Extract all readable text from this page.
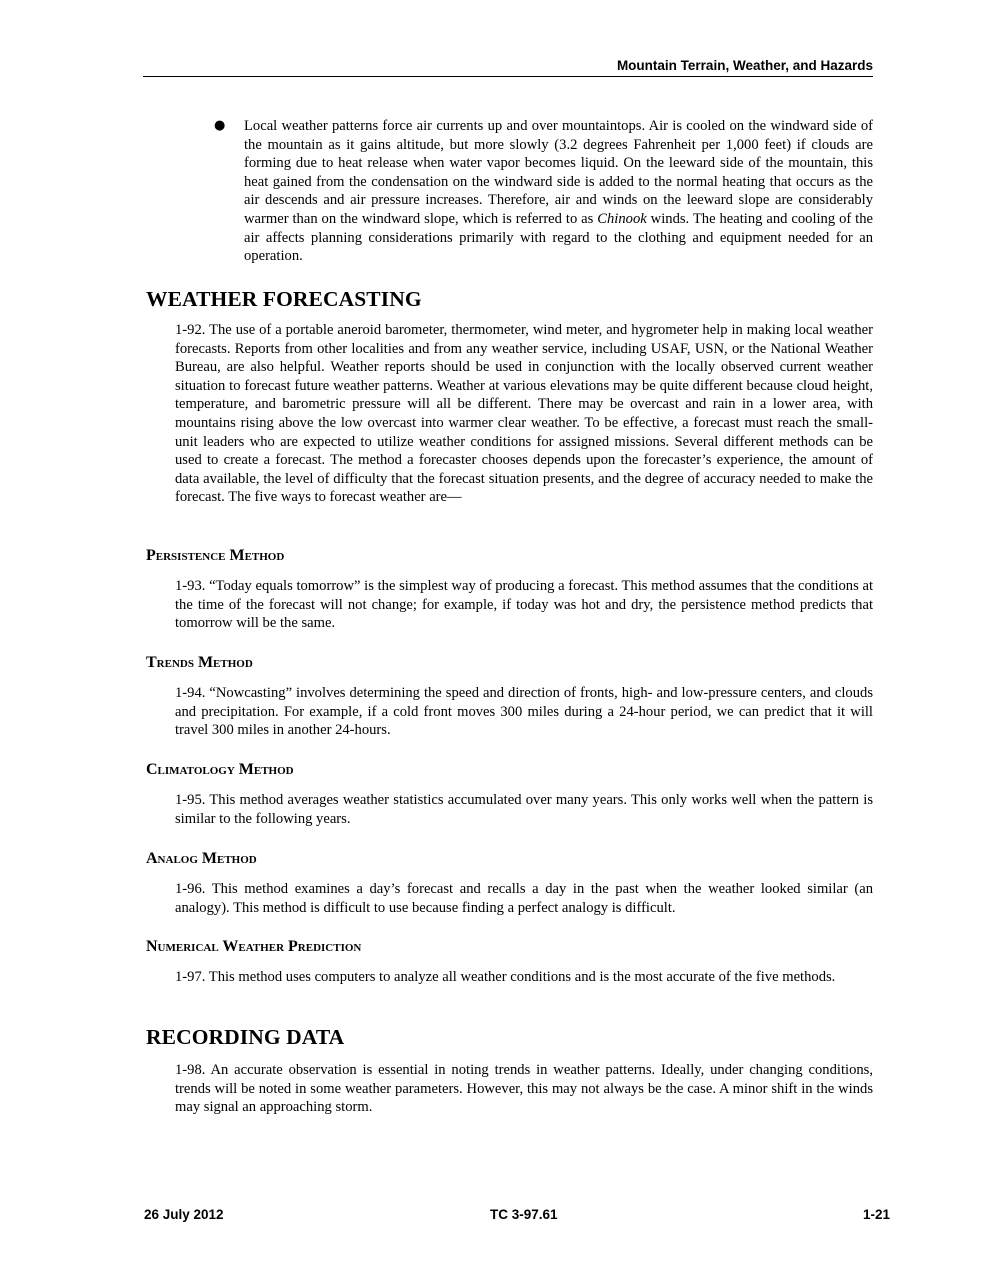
Mountain Terrain, Weather, and Hazards
● Local weather patterns force air currents up and over mountaintops. Air is cooled on the windward side of the mountain as it gains altitude, but more slowly (3.2 degrees Fahrenheit per 1,000 feet) if clouds are forming due to heat release when water vapor becomes liquid. On the leeward side of the mountain, this heat gained from the condensation on the windward side is added to the normal heating that occurs as the air descends and air pressure increases. Therefore, air and winds on the leeward slope are considerably warmer than on the windward slope, which is referred to as Chinook winds. The heating and cooling of the air affects planning considerations primarily with regard to the clothing and equipment needed for an operation.

WEATHER FORECASTING

1-92. The use of a portable aneroid barometer, thermometer, wind meter, and hygrometer help in making local weather forecasts. Reports from other localities and from any weather service, including USAF, USN, or the National Weather Bureau, are also helpful. Weather reports should be used in conjunction with the locally observed current weather situation to forecast future weather patterns. Weather at various elevations may be quite different because cloud height, temperature, and barometric pressure will all be different. There may be overcast and rain in a lower area, with mountains rising above the low overcast into warmer clear weather. To be effective, a forecast must reach the small-unit leaders who are expected to utilize weather conditions for assigned missions. Several different methods can be used to create a forecast. The method a forecaster chooses depends upon the forecaster’s experience, the amount of data available, the level of difficulty that the forecast situation presents, and the degree of accuracy needed to make the forecast. The five ways to forecast weather are—

Persistence Method

1-93. “Today equals tomorrow” is the simplest way of producing a forecast. This method assumes that the conditions at the time of the forecast will not change; for example, if today was hot and dry, the persistence method predicts that tomorrow will be the same.

Trends Method

1-94. “Nowcasting” involves determining the speed and direction of fronts, high- and low-pressure centers, and clouds and precipitation. For example, if a cold front moves 300 miles during a 24-hour period, we can predict that it will travel 300 miles in another 24-hours.

Climatology Method

1-95. This method averages weather statistics accumulated over many years. This only works well when the pattern is similar to the following years.

Analog Method

1-96. This method examines a day’s forecast and recalls a day in the past when the weather looked similar (an analogy). This method is difficult to use because finding a perfect analogy is difficult.

Numerical Weather Prediction

1-97. This method uses computers to analyze all weather conditions and is the most accurate of the five methods.

RECORDING DATA

1-98. An accurate observation is essential in noting trends in weather patterns. Ideally, under changing conditions, trends will be noted in some weather parameters. However, this may not always be the case. A minor shift in the winds may signal an approaching storm.

26 July 2012	TC 3-97.61	1-21
